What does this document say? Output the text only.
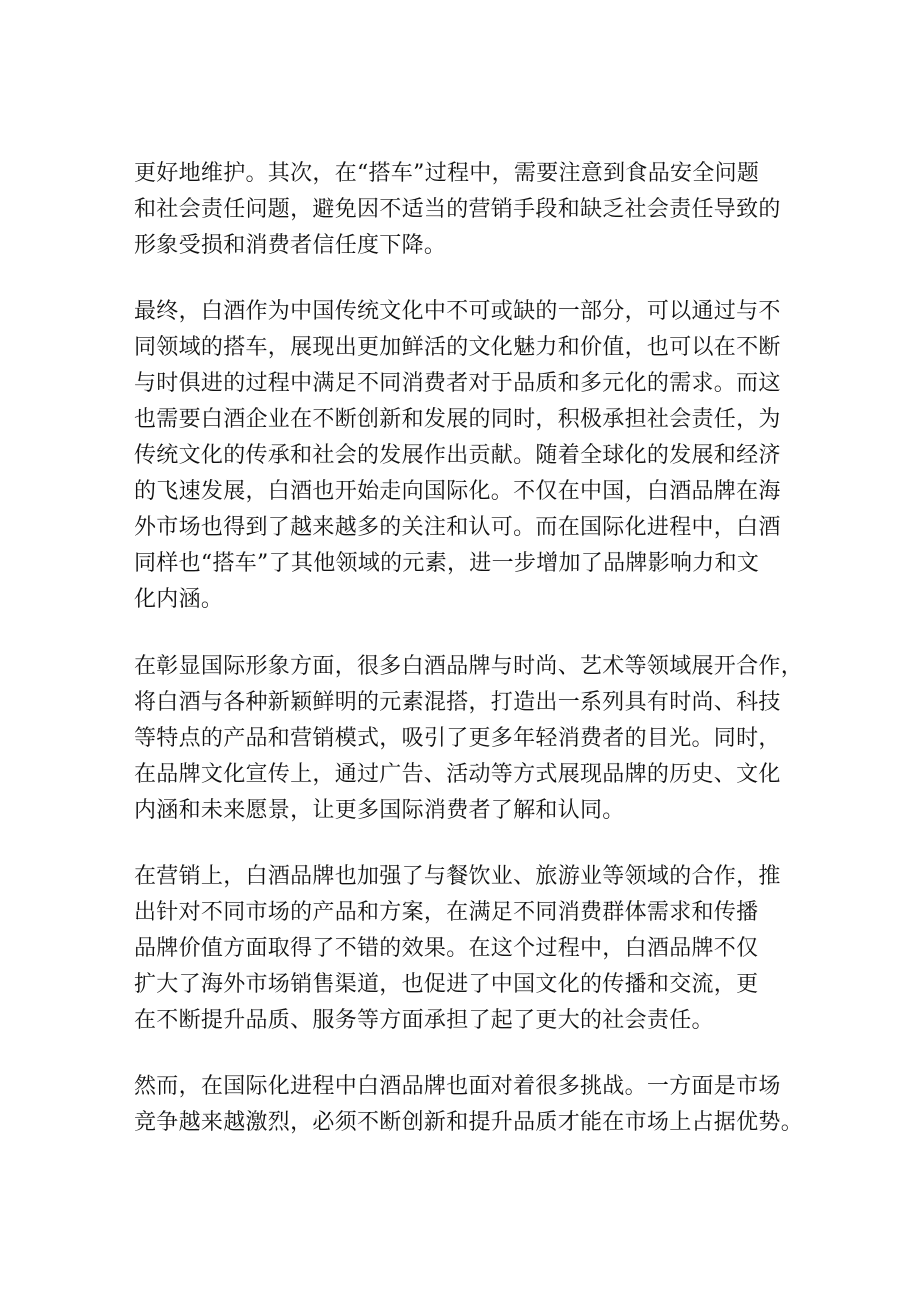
更好地维护。其次，在“搭车”过程中，需要注意到食品安全问题
和社会责任问题，避免因不适当的营销手段和缺乏社会责任导致的
形象受损和消费者信任度下降。
最终，白酒作为中国传统文化中不可或缺的一部分，可以通过与不
同领域的搭车，展现出更加鲜活的文化魅力和价值，也可以在不断
与时俱进的过程中满足不同消费者对于品质和多元化的需求。而这
也需要白酒企业在不断创新和发展的同时，积极承担社会责任，为
传统文化的传承和社会的发展作出贡献。随着全球化的发展和经济
的飞速发展，白酒也开始走向国际化。不仅在中国，白酒品牌在海
外市场也得到了越来越多的关注和认可。而在国际化进程中，白酒
同样也“搭车”了其他领域的元素，进一步增加了品牌影响力和文
化内涵。
在彰显国际形象方面，很多白酒品牌与时尚、艺术等领域展开合作，
将白酒与各种新颖鲜明的元素混搭，打造出一系列具有时尚、科技
等特点的产品和营销模式，吸引了更多年轻消费者的目光。同时，
在品牌文化宣传上，通过广告、活动等方式展现品牌的历史、文化
内涵和未来愿景，让更多国际消费者了解和认同。
在营销上，白酒品牌也加强了与餐饮业、旅游业等领域的合作，推
出针对不同市场的产品和方案，在满足不同消费群体需求和传播
品牌价值方面取得了不错的效果。在这个过程中，白酒品牌不仅
扩大了海外市场销售渠道，也促进了中国文化的传播和交流，更
在不断提升品质、服务等方面承担了起了更大的社会责任。
然而，在国际化进程中白酒品牌也面对着很多挑战。一方面是市场
竞争越来越激烈，必须不断创新和提升品质才能在市场上占据优势。
